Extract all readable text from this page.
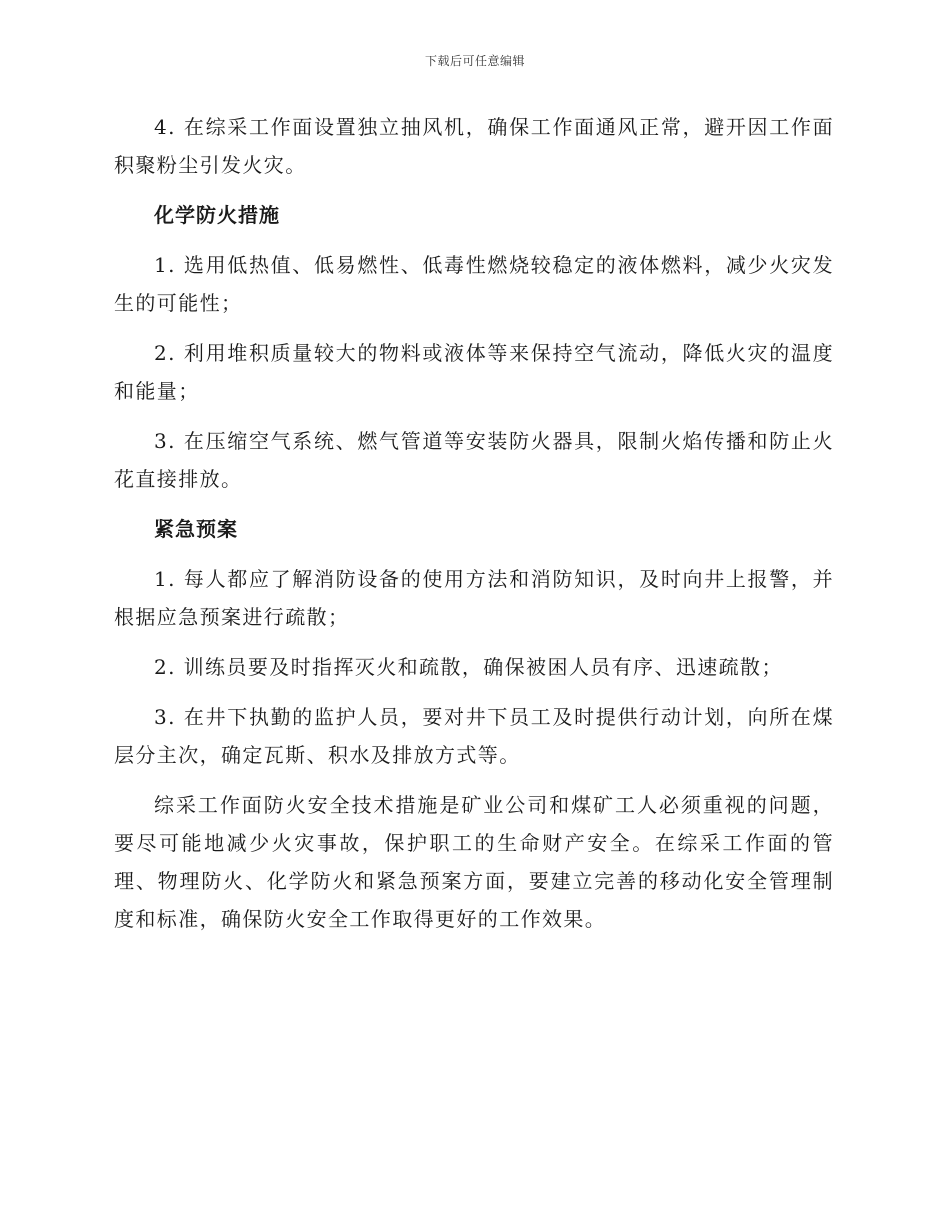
下载后可任意编辑

4. 在综采工作面设置独立抽风机，确保工作面通风正常，避开因工作面积聚粉尘引发火灾。

化学防火措施

1. 选用低热值、低易燃性、低毒性燃烧较稳定的液体燃料，减少火灾发生的可能性；

2. 利用堆积质量较大的物料或液体等来保持空气流动，降低火灾的温度和能量；

3. 在压缩空气系统、燃气管道等安装防火器具，限制火焰传播和防止火花直接排放。

紧急预案

1. 每人都应了解消防设备的使用方法和消防知识，及时向井上报警，并根据应急预案进行疏散；

2. 训练员要及时指挥灭火和疏散，确保被困人员有序、迅速疏散；

3. 在井下执勤的监护人员，要对井下员工及时提供行动计划，向所在煤层分主次，确定瓦斯、积水及排放方式等。

综采工作面防火安全技术措施是矿业公司和煤矿工人必须重视的问题，要尽可能地减少火灾事故，保护职工的生命财产安全。在综采工作面的管理、物理防火、化学防火和紧急预案方面，要建立完善的移动化安全管理制度和标准，确保防火安全工作取得更好的工作效果。
